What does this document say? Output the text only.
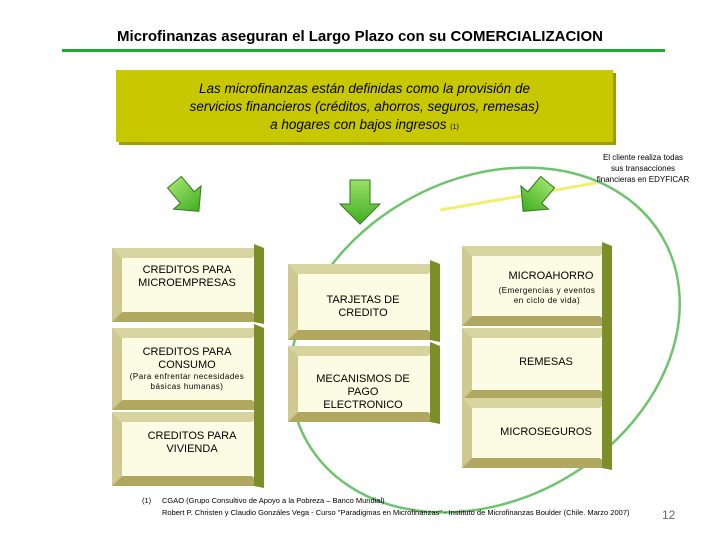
Microfinanzas aseguran el Largo Plazo con su COMERCIALIZACION
Las microfinanzas están definidas como la provisión de
servicios financieros (créditos, ahorros, seguros, remesas)
a hogares con bajos ingresos (1)
El cliente realiza todas
sus transacciones
financieras en EDYFICAR
CREDITOS PARA
MICROEMPRESAS
CREDITOS PARA
CONSUMO
(Para enfrentar necesidades
básicas humanas)
CREDITOS PARA
VIVIENDA
TARJETAS DE
CREDITO
MECANISMOS DE
PAGO
ELECTRONICO
MICROAHORRO
(Emergencias y eventos
en ciclo de vida)
REMESAS
MICROSEGUROS
(1) CGAO (Grupo Consultivo de Apoyo a la Pobreza – Banco Mundial)
Robert P. Christen y Claudio Gonzáles Vega - Curso "Paradigmas en Microfinanzas" - Instituto de Microfinanzas Boulder (Chile. Marzo 2007)	12
